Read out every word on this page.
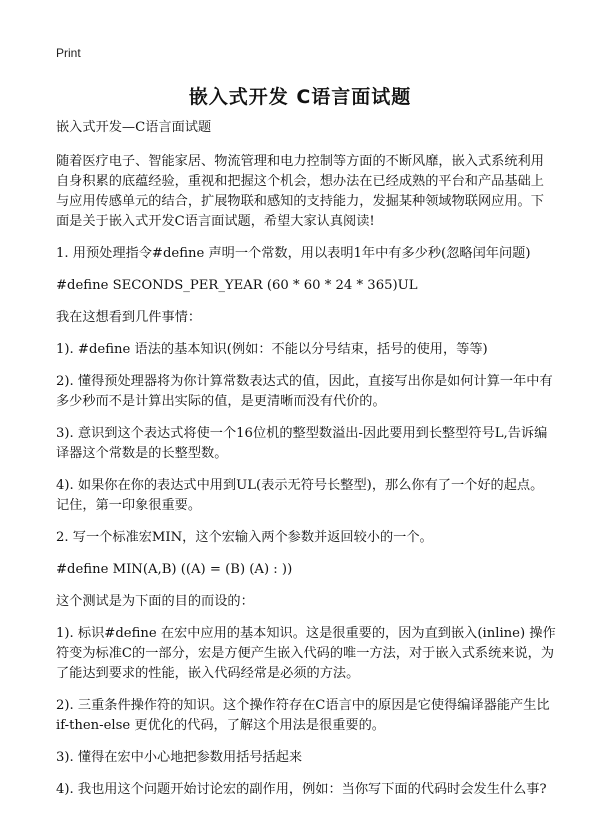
Print
嵌入式开发 C语言面试题

嵌入式开发—C语言面试题

随着医疗电子、智能家居、物流管理和电力控制等方面的不断风靡，嵌入式系统利用自身积累的底蕴经验，重视和把握这个机会，想办法在已经成熟的平台和产品基础上与应用传感单元的结合，扩展物联和感知的支持能力，发掘某种领域物联网应用。下面是关于嵌入式开发C语言面试题，希望大家认真阅读!

1. 用预处理指令#define 声明一个常数，用以表明1年中有多少秒(忽略闰年问题)

#define SECONDS_PER_YEAR (60 * 60 * 24 * 365)UL

我在这想看到几件事情：

1). #define 语法的基本知识(例如：不能以分号结束，括号的使用，等等)

2). 懂得预处理器将为你计算常数表达式的值，因此，直接写出你是如何计算一年中有多少秒而不是计算出实际的值，是更清晰而没有代价的。

3). 意识到这个表达式将使一个16位机的整型数溢出-因此要用到长整型符号L,告诉编译器这个常数是的长整型数。

4). 如果你在你的表达式中用到UL(表示无符号长整型)，那么你有了一个好的起点。记住，第一印象很重要。

2. 写一个标准宏MIN，这个宏输入两个参数并返回较小的一个。

#define MIN(A,B) ((A) = (B) (A) : ))

这个测试是为下面的目的而设的：

1). 标识#define 在宏中应用的基本知识。这是很重要的，因为直到嵌入(inline) 操作符变为标准C的一部分，宏是方便产生嵌入代码的唯一方法，对于嵌入式系统来说，为了能达到要求的性能，嵌入代码经常是必须的方法。

2). 三重条件操作符的知识。这个操作符存在C语言中的原因是它使得编译器能产生比if-then-else 更优化的代码，了解这个用法是很重要的。

3). 懂得在宏中小心地把参数用括号括起来

4). 我也用这个问题开始讨论宏的副作用，例如：当你写下面的代码时会发生什么事?
